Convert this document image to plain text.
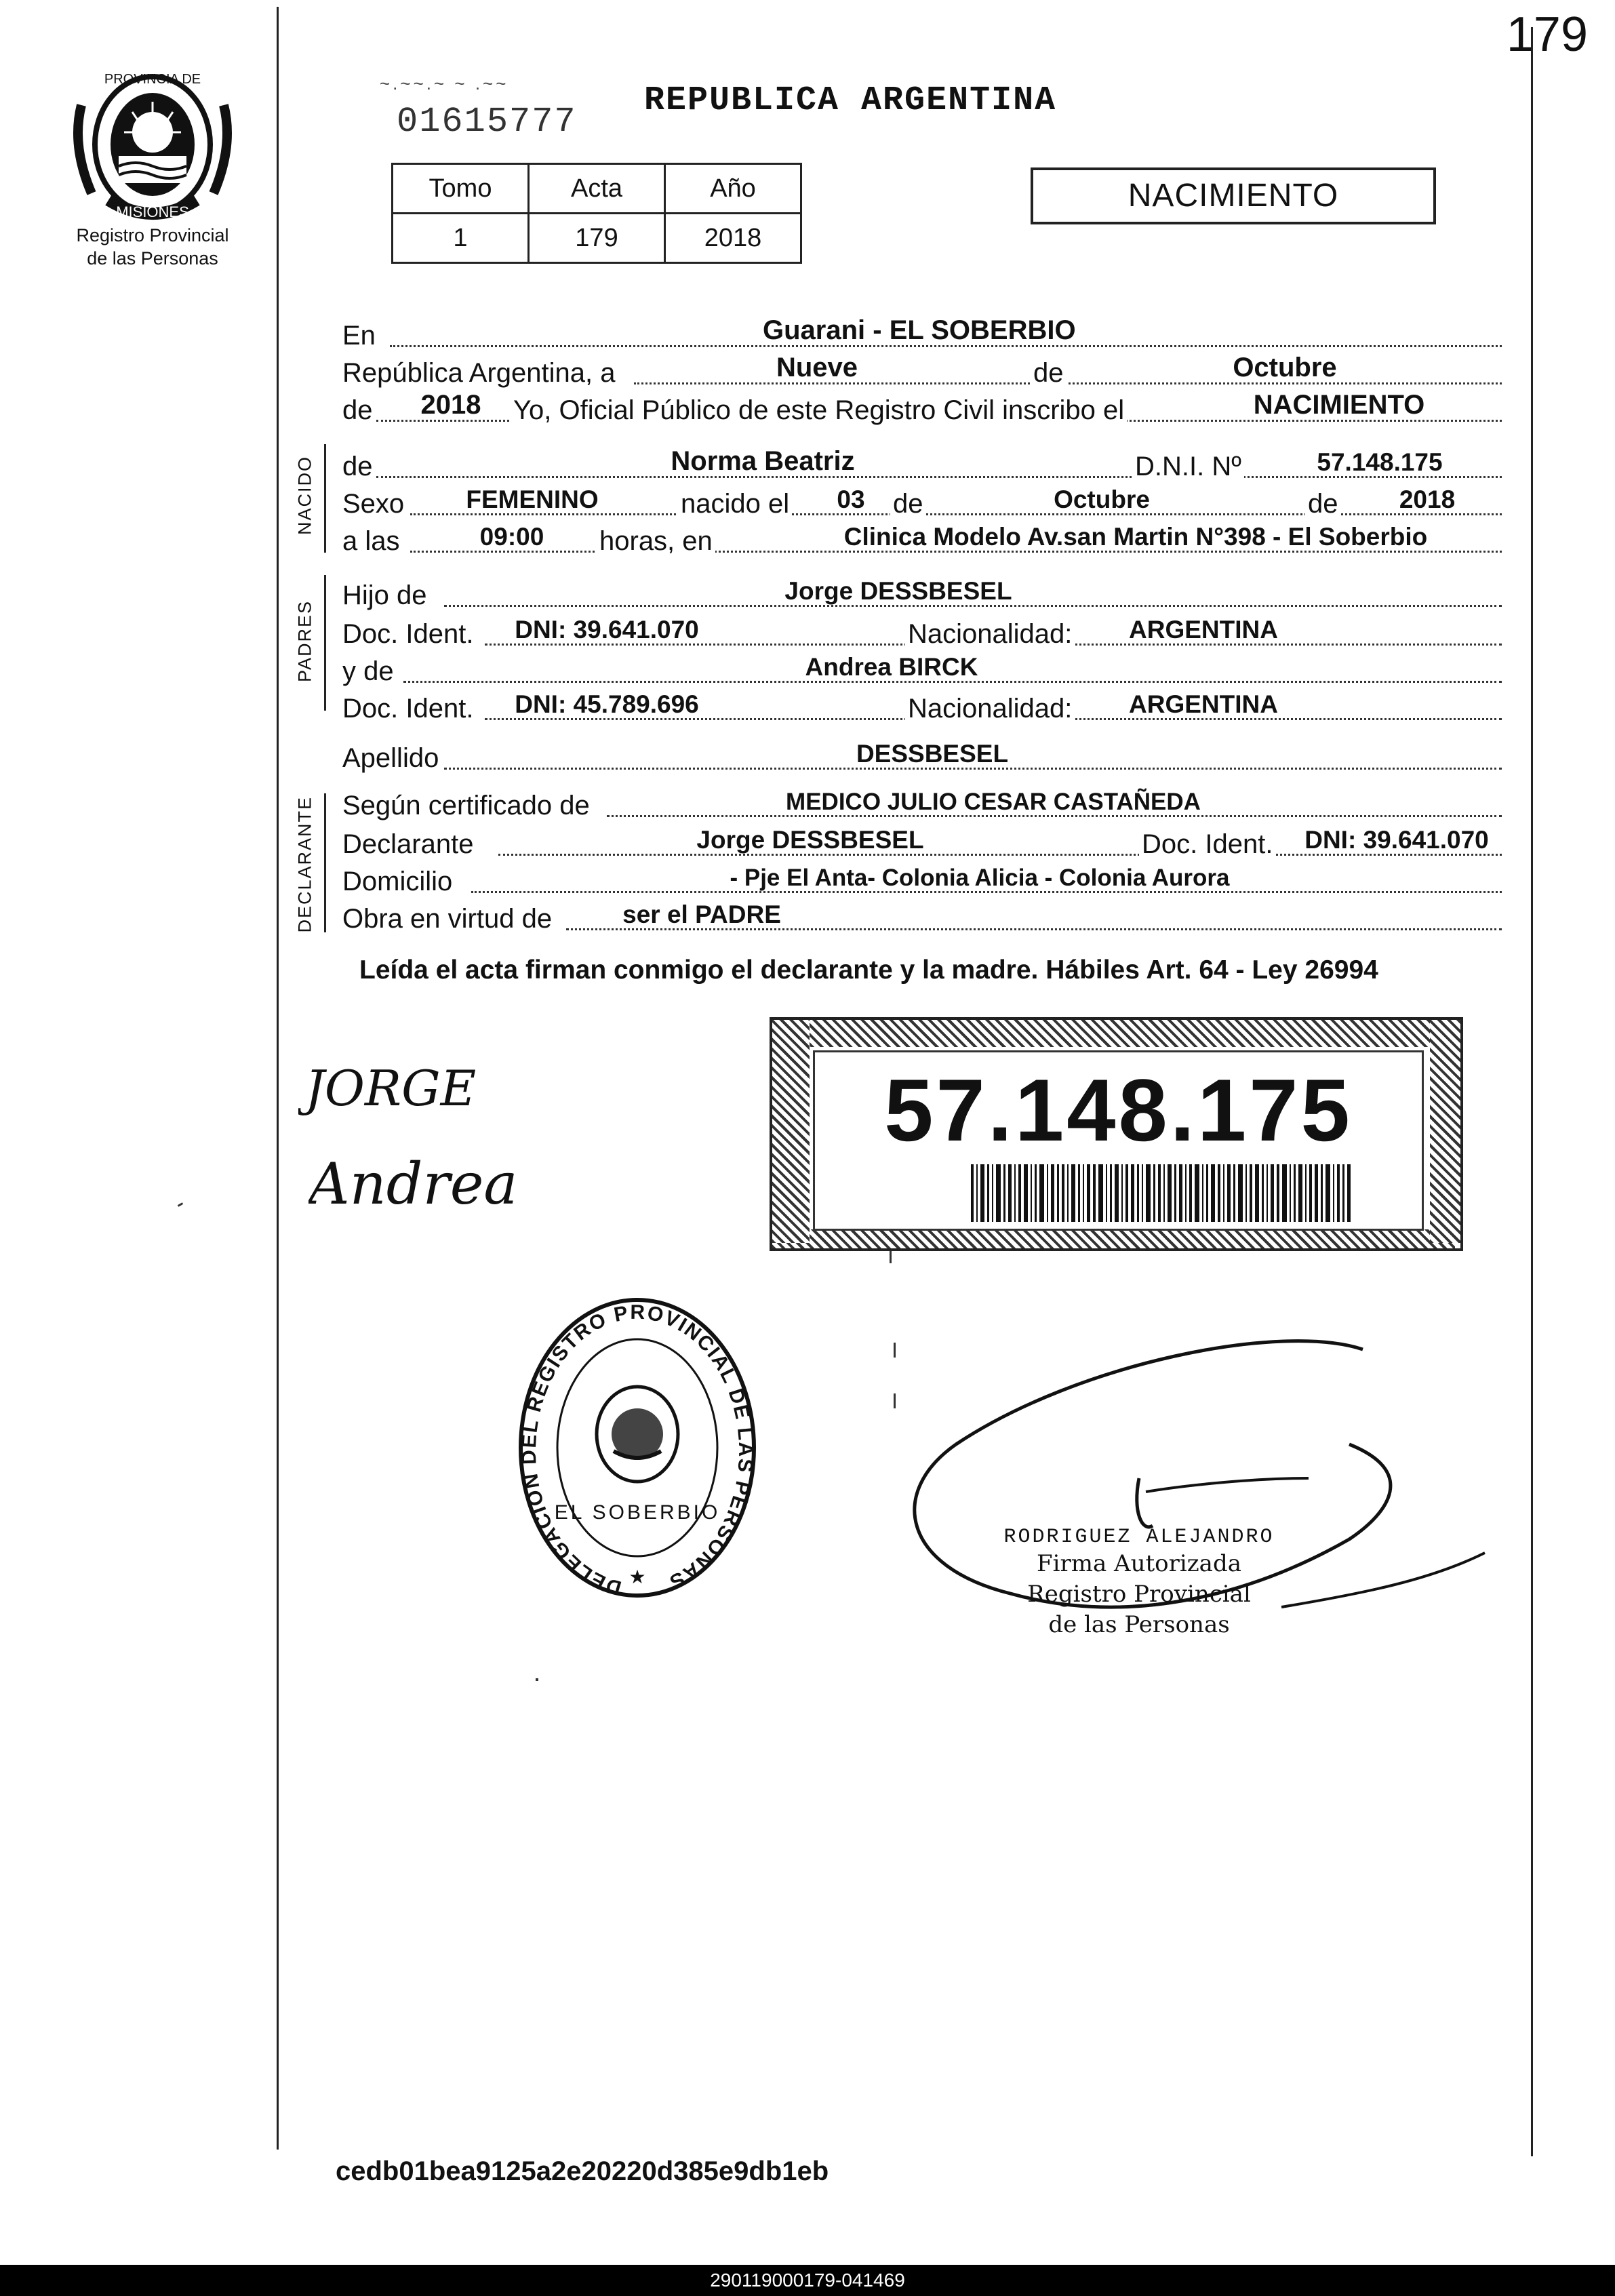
179
MISIONES
PROVINCIA DE
Registro Provincial
de las Personas
~.~~.~ ~ .~~
01615777
REPUBLICA ARGENTINA
Tomo	Acta	Año
1	179	2018
NACIMIENTO
En	Guarani - EL SOBERBIO
República Argentina, a	Nueve	de	Octubre
de	2018	Yo, Oficial Público de este Registro Civil inscribo el	NACIMIENTO
NACIDO de	Norma Beatriz	D.N.I. Nº	57.148.175
Sexo	FEMENINO	nacido el	03	de	Octubre	de	2018
a las	09:00	horas, en	Clinica Modelo Av.san Martin N°398 - El Soberbio
PADRES
Hijo de	Jorge DESSBESEL
Doc. Ident.	DNI: 39.641.070	Nacionalidad:	ARGENTINA
y de	Andrea BIRCK
Doc. Ident.	DNI: 45.789.696	Nacionalidad:	ARGENTINA
Apellido	DESSBESEL
DECLARANTE Según certificado de	MEDICO JULIO CESAR CASTAÑEDA
Declarante	Jorge DESSBESEL	Doc. Ident.	DNI: 39.641.070
Domicilio	- Pje El Anta- Colonia Alicia - Colonia Aurora
Obra en virtud de	ser el PADRE
Leída el acta firman conmigo el declarante y la madre. Hábiles Art. 64 - Ley 26994
JORGE
Andrea
57.148.175
DELEGACION DEL REGISTRO PROVINCIAL DE LAS PERSONAS
EL SOBERBIO
★
RODRIGUEZ ALEJANDRO
Firma Autorizada
Registro Provincial
de las Personas
cedb01bea9125a2e20220d385e9db1eb
290119000179-041469
